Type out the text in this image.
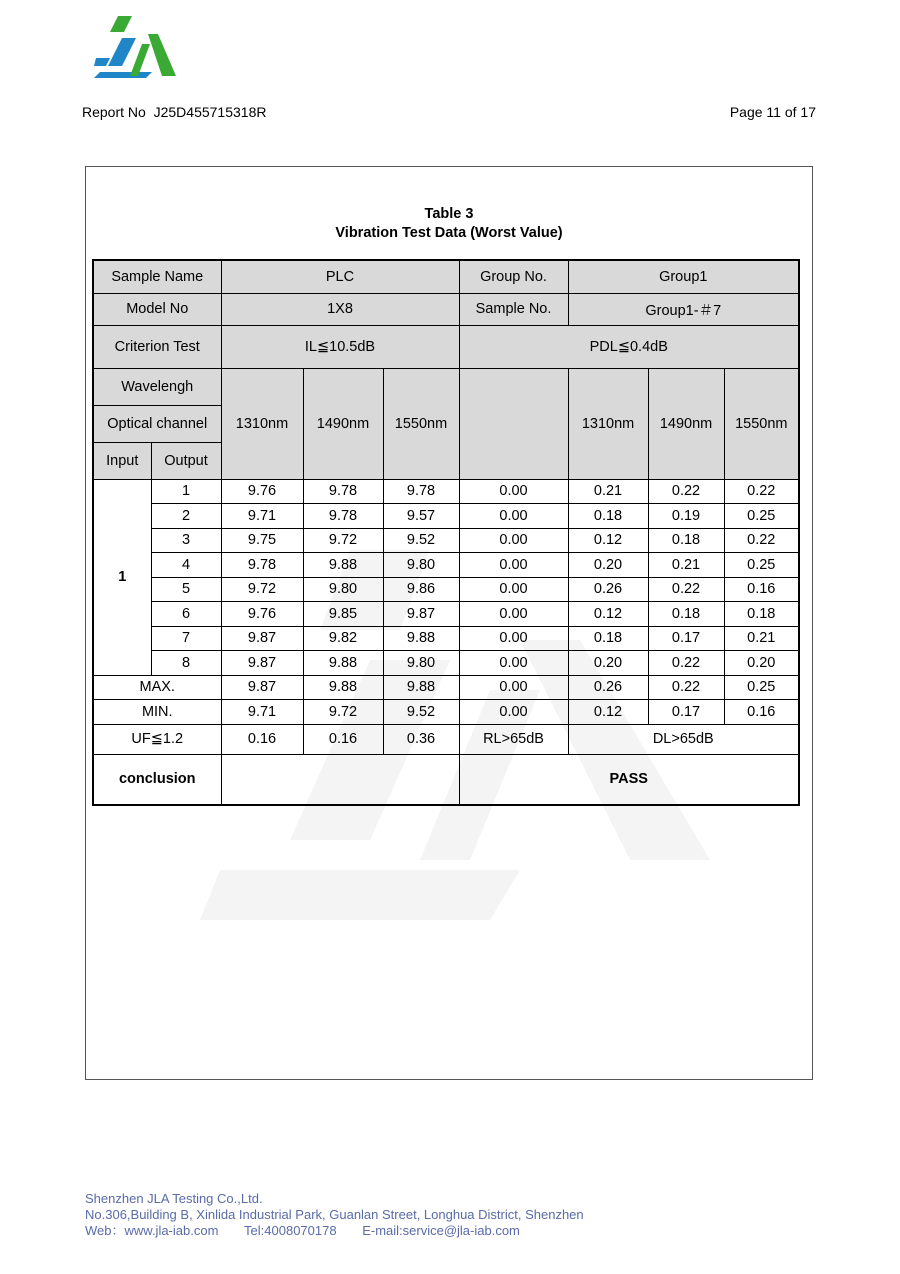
Report No J25D455715318R	Page 11 of 17
Table 3
Vibration Test Data (Worst Value)
Sample Name		PLC			Group No.	Group1		
Model No		1X8			Sample No.	Group1-＃7		
Criterion Test		IL≦10.5dB			PDL≦0.4dB			
Wavelengh		1310nm	1490nm	1550nm		1310nm	1490nm	1550nm
Optical channel								
Input	Output							
1	1	9.76	9.78	9.78	0.00	0.21	0.22	0.22
	2	9.71	9.78	9.57	0.00	0.18	0.19	0.25
	3	9.75	9.72	9.52	0.00	0.12	0.18	0.22
	4	9.78	9.88	9.80	0.00	0.20	0.21	0.25
	5	9.72	9.80	9.86	0.00	0.26	0.22	0.16
	6	9.76	9.85	9.87	0.00	0.12	0.18	0.18
	7	9.87	9.82	9.88	0.00	0.18	0.17	0.21
	8	9.87	9.88	9.80	0.00	0.20	0.22	0.20
MAX.		9.87	9.88	9.88	0.00	0.26	0.22	0.25
MIN.		9.71	9.72	9.52	0.00	0.12	0.17	0.16
UF≦1.2		0.16	0.16	0.36	RL>65dB	DL>65dB		
conclusion					PASS			
Shenzhen JLA Testing Co.,Ltd.
No.306,Building B, Xinlida Industrial Park, Guanlan Street, Longhua District, Shenzhen
Web：www.jla-iab.com Tel:4008070178 E-mail:service@jla-iab.com
